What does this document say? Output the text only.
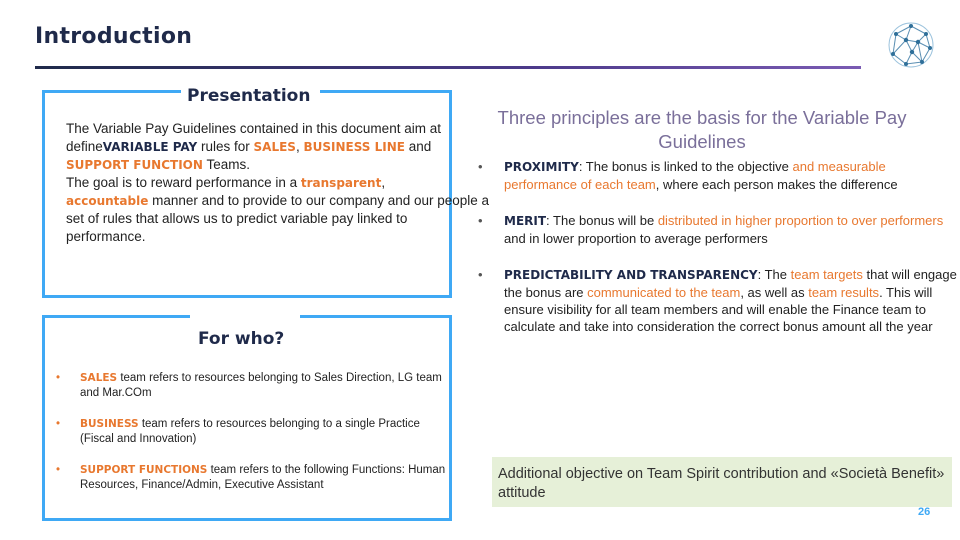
Introduction
Presentation
For who?
The Variable Pay Guidelines contained in this document aim at defineVARIABLE PAY rules for SALES, BUSINESS LINE and
SUPPORT FUNCTION Teams.
The goal is to reward performance in a transparent,
accountable manner and to provide to our company and our people a set of rules that allows us to predict variable pay linked to performance.
Three principles are the basis for the Variable Pay Guidelines
• PROXIMITY: The bonus is linked to the objective and measurable performance of each team, where each person makes the difference
• MERIT: The bonus will be distributed in higher proportion to over performers and in lower proportion to average performers
• PREDICTABILITY AND TRANSPARENCY: The team targets that will engage the bonus are communicated to the team, as well as team results. This will ensure visibility for all team members and will enable the Finance team to calculate and take into consideration the correct bonus amount all the year
• SALES team refers to resources belonging to Sales Direction, LG team and Mar.COm
• BUSINESS team refers to resources belonging to a single Practice (Fiscal and Innovation)
• SUPPORT FUNCTIONS team refers to the following Functions: Human Resources, Finance/Admin, Executive Assistant
Additional objective on Team Spirit contribution and «Società Benefit» attitude
26
